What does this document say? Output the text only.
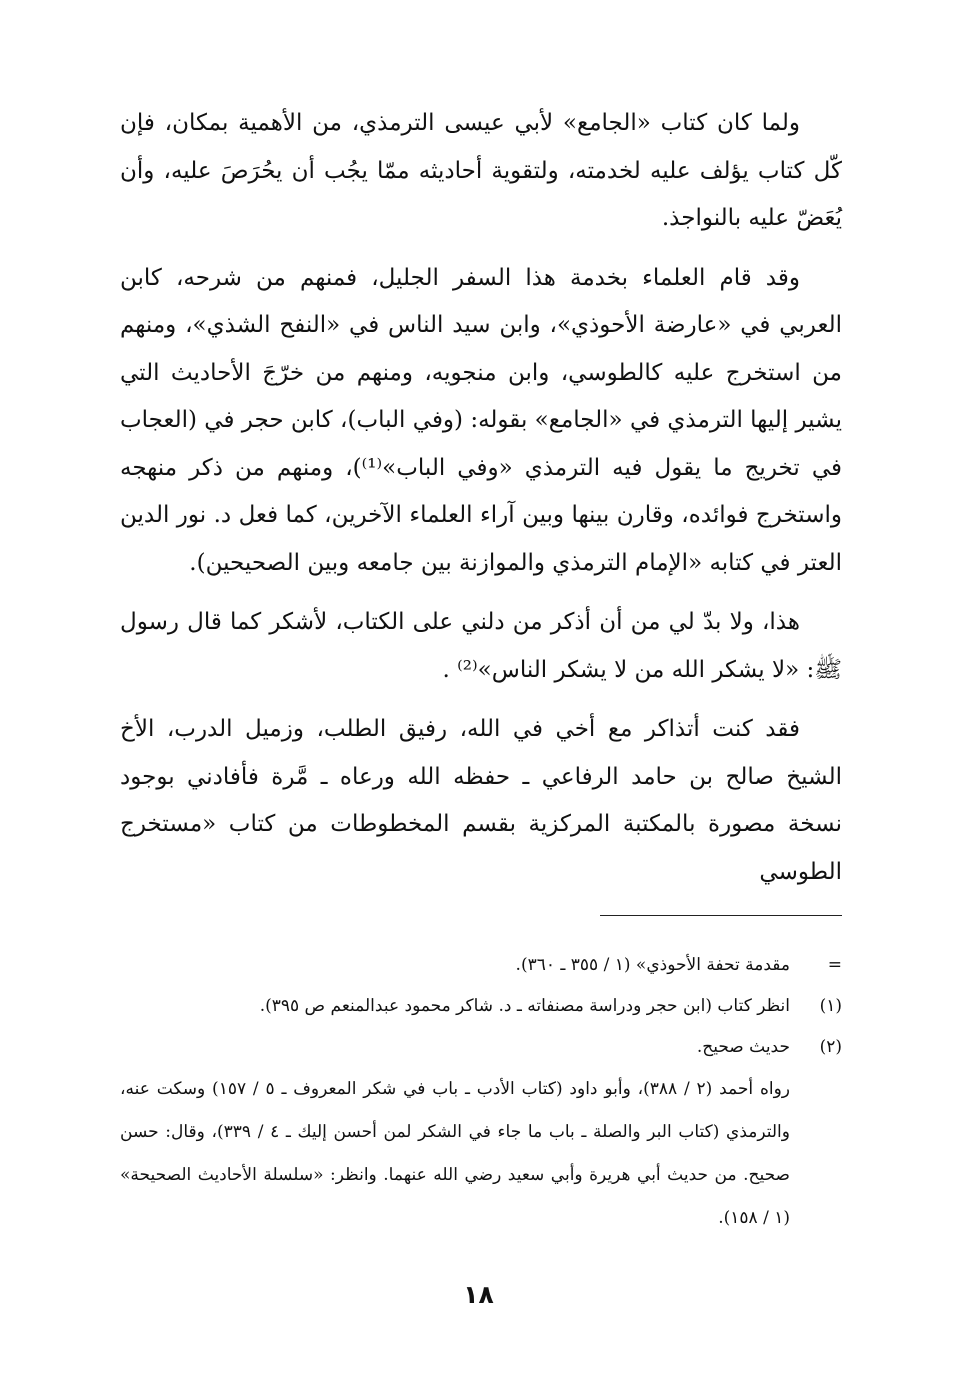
ولما كان كتاب «الجامع» لأبي عيسى الترمذي، من الأهمية بمكان، فإن كّل كتاب يؤلف عليه لخدمته، ولتقوية أحاديثه ممّا يجُب أن يحُرَصَ عليه، وأن يُعَضّ عليه بالنواجذ.

وقد قام العلماء بخدمة هذا السفر الجليل، فمنهم من شرحه، كابن العربي في «عارضة الأحوذي»، وابن سيد الناس في «النفح الشذي»، ومنهم من استخرج عليه كالطوسي، وابن منجويه، ومنهم من خرّجَ الأحاديث التي يشير إليها الترمذي في «الجامع» بقوله: (وفي الباب)، كابن حجر في (العجاب في تخريج ما يقول فيه الترمذي «وفي الباب»⁽¹⁾)، ومنهم من ذكر منهجه واستخرج فوائده، وقارن بينها وبين آراء العلماء الآخرين، كما فعل د. نور الدين العتر في كتابه «الإمام الترمذي والموازنة بين جامعه وبين الصحيحين).

هذا، ولا بدّ لي من أن أذكر من دلني على الكتاب، لأشكر كما قال رسول ﷺ: «لا يشكر الله من لا يشكر الناس»⁽²⁾ .

فقد كنت أتذاكر مع أخي في الله، رفيق الطلب، وزميل الدرب، الأخ الشيخ صالح بن حامد الرفاعي ـ حفظه الله ورعاه ـ مَّرة فأفادني بوجود نسخة مصورة بالمكتبة المركزية بقسم المخطوطات من كتاب «مستخرج الطوسي

=
مقدمة تحفة الأحوذي» (١ / ٣٥٥ ـ ٣٦٠).
(١)
انظر كتاب (ابن حجر ودراسة مصنفاته ـ د. شاكر محمود عبدالمنعم ص ٣٩٥).
(٢)
حديث صحيح.
رواه أحمد (٢ / ٣٨٨)، وأبو داود (كتاب الأدب ـ باب في شكر المعروف ـ ٥ / ١٥٧) وسكت عنه، والترمذي (كتاب البر والصلة ـ باب ما جاء في الشكر لمن أحسن إليك ـ ٤ / ٣٣٩)، وقال: حسن صحيح. من حديث أبي هريرة وأبي سعيد رضي الله عنهما. وانظر: «سلسلة الأحاديث الصحيحة» (١ / ١٥٨).
١٨
